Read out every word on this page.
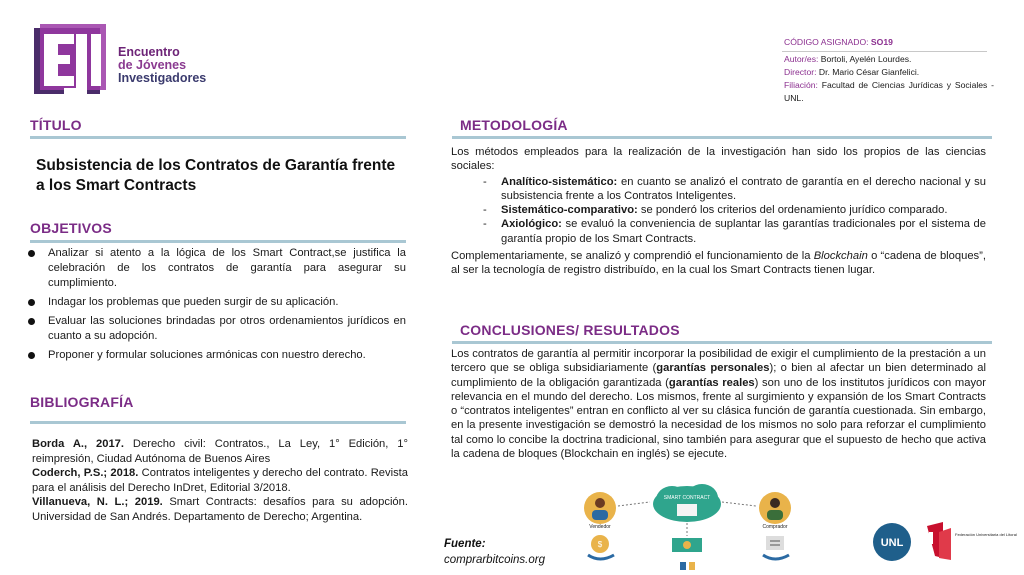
EJI
Encuentro
de Jóvenes
Investigadores
CÓDIGO ASIGNADO: SO19
Autor/es: Bortoli, Ayelén Lourdes.
Director: Dr. Mario César Gianfelici.
Filiación: Facultad de Ciencias Jurídicas y Sociales - UNL.
TÍTULO
Subsistencia de los Contratos de Garantía frente a los Smart Contracts
OBJETIVOS
Analizar si atento a la lógica de los Smart Contract,se justifica la celebración de los contratos de garantía para asegurar su cumplimiento.
Indagar los problemas que pueden surgir de su aplicación.
Evaluar las soluciones brindadas por otros ordenamientos jurídicos en cuanto a su adopción.
Proponer y formular soluciones armónicas con nuestro derecho.
BIBLIOGRAFÍA

Borda A., 2017. Derecho civil: Contratos., La Ley, 1° Edición, 1° reimpresión, Ciudad Autónoma de Buenos Aires

Coderch, P.S.; 2018. Contratos inteligentes y derecho del contrato. Revista para el análisis del Derecho InDret, Editorial 3/2018.

Villanueva, N. L.; 2019. Smart Contracts: desafíos para su adopción. Universidad de San Andrés. Departamento de Derecho; Argentina.

METODOLOGÍA

Los métodos empleados para la realización de la investigación han sido los propios de las ciencias sociales:

- Analítico-sistemático: en cuanto se analizó el contrato de garantía en el derecho nacional y su subsistencia frente a los Contratos Inteligentes.
- Sistemático-comparativo: se ponderó los criterios del ordenamiento jurídico comparado.
- Axiológico: se evaluó la conveniencia de suplantar las garantías tradicionales por el sistema de garantía propio de los Smart Contracts.

Complementariamente, se analizó y comprendió el funcionamiento de la Blockchain o “cadena de bloques”, al ser la tecnología de registro distribuído, en la cual los Smart Contracts tienen lugar.

CONCLUSIONES/ RESULTADOS
Los contratos de garantía al permitir incorporar la posibilidad de exigir el cumplimiento de la prestación a un tercero que se obliga subsidiariamente (garantías personales); o bien al afectar un bien determinado al cumplimiento de la obligación garantizada (garantías reales) son uno de los institutos jurídicos con mayor relevancia en el mundo del derecho. Los mismos, frente al surgimiento y expansión de los Smart Contracts o “contratos inteligentes” entran en conflicto al ver su clásica función de garantía cuestionada. Sin embargo, en la presente investigación se demostró la necesidad de los mismos no solo para reforzar el cumplimiento tal como lo concibe la doctrina tradicional, sino también para asegurar que el supuesto de hecho que activa la cadena de bloques (Blockchain en inglés) se ejecute.
Fuente:
comprarbitcoins.org
SMART CONTRACT
Vendedor	Comprador
$	UNL
Federación Universitaria del Litoral
